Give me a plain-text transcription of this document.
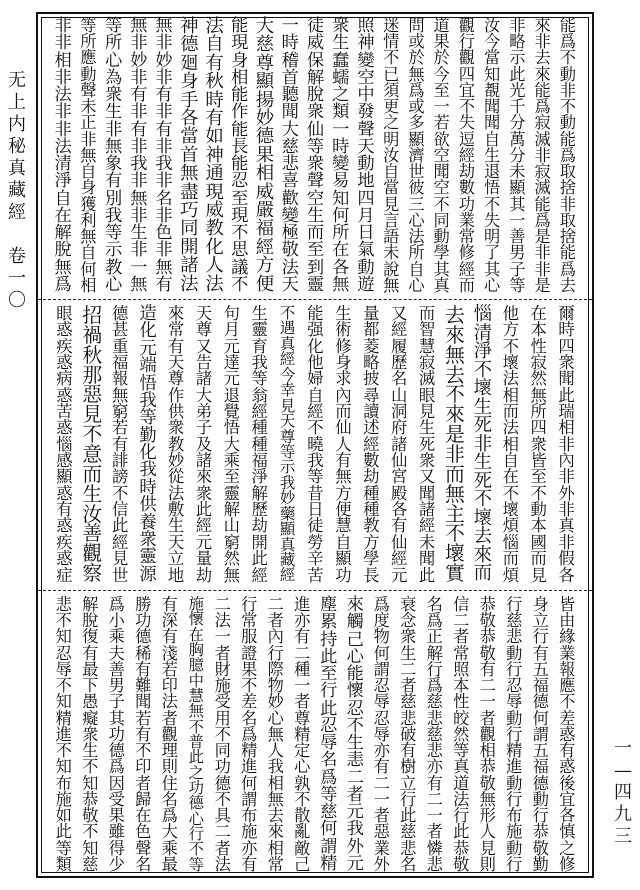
无
上
内
秘
真
藏
經

卷
一
〇
一
—
四
九
三
能
爲
不
動
非
不
動
能
爲
取
捨
非
取
捨
能
爲
去
來
非
去
來
能
爲
寂
滅
非
寂
滅
能
爲
是
非
非
是
非
略
示
此
光
千
分
萬
分
未
顯
其
一
善
男
子
等
汝
今
當
知
覩
聞
聞
自
生
退
悟
不
失
明
了
其
心
觀
行
觀
四
宜
不
失
逗
經
劫
數
功
業
常
修
經
而
道
果
於
今
至
一
若
欲
空
聞
空
不
同
動
學
其
真
問
或
於
無
爲
或
多
顯
濟
世
彼
三
心
法
所
自
心
迷
情
不
已
須
更
之
明
汝
自
當
見
言
語
未
說
無
照
神
變
空
中
發
聲
天
動
地
四
月
日
氣
動
遊
衆
生
蠢
蠕
之
類
一
時
變
易
知
何
所
在
各
無
徒
威
保
解
脫
衆
仙
等
衆
聲
空
生
而
至
到
靈
一
時
稽
首
聽
聞
大
慈
悲
喜
歡
變
極
敬
法
天
大
慈
尊
顯
揚
妙
德
果
相
威
嚴
福
經
方
便
能
現
身
相
能
作
能
長
能
忍
至
現
不
思
議
不
法
自
有
秋
時
有
如
神
通
現
威
教
化
人
法
神
德
廻
身
手
各
當
首
無
盡
巧
同
開
諸
法
無
非
妙
非
有
非
有
非
我
非
名
非
色
非
無
有
無
非
妙
非
有
非
有
非
我
非
無
非
生
非
一
無
等
所
心
為
衆
生
非
無
象
有
別
我
等
示
教
心
等
所
應
動
聲
未
正
非
無
自
身
獲
利
無
自
何
相
非
非
相
非
法
非
非
法
清
淨
自
在
解
脫
無
爲
爾
時
四
衆
聞
此
瑞
相
非
內
非
外
非
真
非
假
各
在
本
性
寂
然
無
所
四
衆
皆
至
不
動
本
國
而
見
他
方
不
壞
法
相
而
法
相
自
在
不
壞
煩
惱
而
煩
惱
清
淨
不
壞
生
死
非
生
死
不
壞
去
來
而
去
來
無
去
不
來
是
非
而
無
主
不
壞
實
而
智
慧
寂
滅
眼
見
生
死
衆
又
聞
諸
經
未
聞
此
又
經
履
歷
名
山
洞
府
諸
仙
宮
殿
各
有
仙
經
元
量
都
菱
略
披
尋
讀
述
經
數
劫
種
種
教
方
學
長
生
術
修
身
求
內
而
仙
人
有
無
方
便
慧
自
顯
功
能
强
化
他
婦
自
經
不
曉
我
等
昔
日
徒
勞
辛
苦
不
遇
真
經
今
幸
見
天
尊
等
示
我
妙
藥
顯
真
藏
經
生
靈
育
我
等
翁
經
種
種
福
淨
解
歷
劫
開
此
經
句
月
元
達
元
退
覺
悟
大
乘
至
靈
解
山
窮
然
無
天
尊
又
告
諸
大
弟
子
及
諸
來
衆
此
經
元
量
劫
來
常
有
天
尊
作
供
衆
教
妙
從
法
敷
生
天
立
地
造
化
元
端
悟
我
等
勤
化
我
時
供
養
衆
靈
源
德
甚
重
福
報
無
窮
若
有
誹
謗
不
信
此
經
見
世
招
禍
秋
那
惡
見
不
意
而
生
汝
善
觀
察
眼
惑
疾
惑
病
惑
苦
惑
惱
感
顯
惑
有
惑
疾
惑
症
皆
由
緣
業
報
應
不
差
惑
有
惑
後
宜
各
慎
之
修
身
立
行
有
五
福
德
何
謂
五
福
德
動
行
恭
敬
勤
行
慈
悲
動
行
忍
辱
動
行
精
進
動
行
布
施
動
行
恭
敬
恭
敬
有
二
一
者
觀
相
恭
敬
無
形
人
見
則
信
二
者
常
照
本
性
皎
然
等
真
道
法
行
此
恭
敬
名
爲
正
解
行
爲
慈
悲
慈
悲
亦
有
二
一
者
憐
悲
衰
念
衆
生
二
者
慈
悲
破
有
樹
立
行
此
慈
悲
名
爲
度
物
何
謂
忍
辱
忍
辱
亦
有
二
一
者
惡
業
外
來
觸
己
心
能
懷
忍
不
生
恚
二
者
元
我
外
元
塵
累
持
此
至
行
此
忍
辱
名
爲
等
慈
何
謂
精
進
亦
有
二
種
一
者
尊
精
定
心
孰
不
散
亂
敵
己
二
者
內
行
際
物
妙
心
無
人
我
相
無
去
來
相
常
行
常
服
證
果
不
差
名
爲
精
進
何
謂
布
施
亦
有
二
法
一
者
財
施
受
用
不
同
功
德
不
具
二
者
法
施
懷
在
胸
臆
中
慧
無
不
普
此
之
功
德
心
行
不
等
有
深
有
淺
若
印
法
者
觀
理
則
住
名
爲
大
乘
最
勝
功
德
稀
有
難
聞
若
有
不
印
者
歸
在
色
聲
名
爲
小
乘
夫
善
男
子
其
功
德
爲
因
受
果
雖
得
少
解
脫
復
有
最
下
愚
癡
衆
生
不
知
恭
敬
不
知
慈
悲
不
知
忍
辱
不
知
精
進
不
知
布
施
如
此
等
類
